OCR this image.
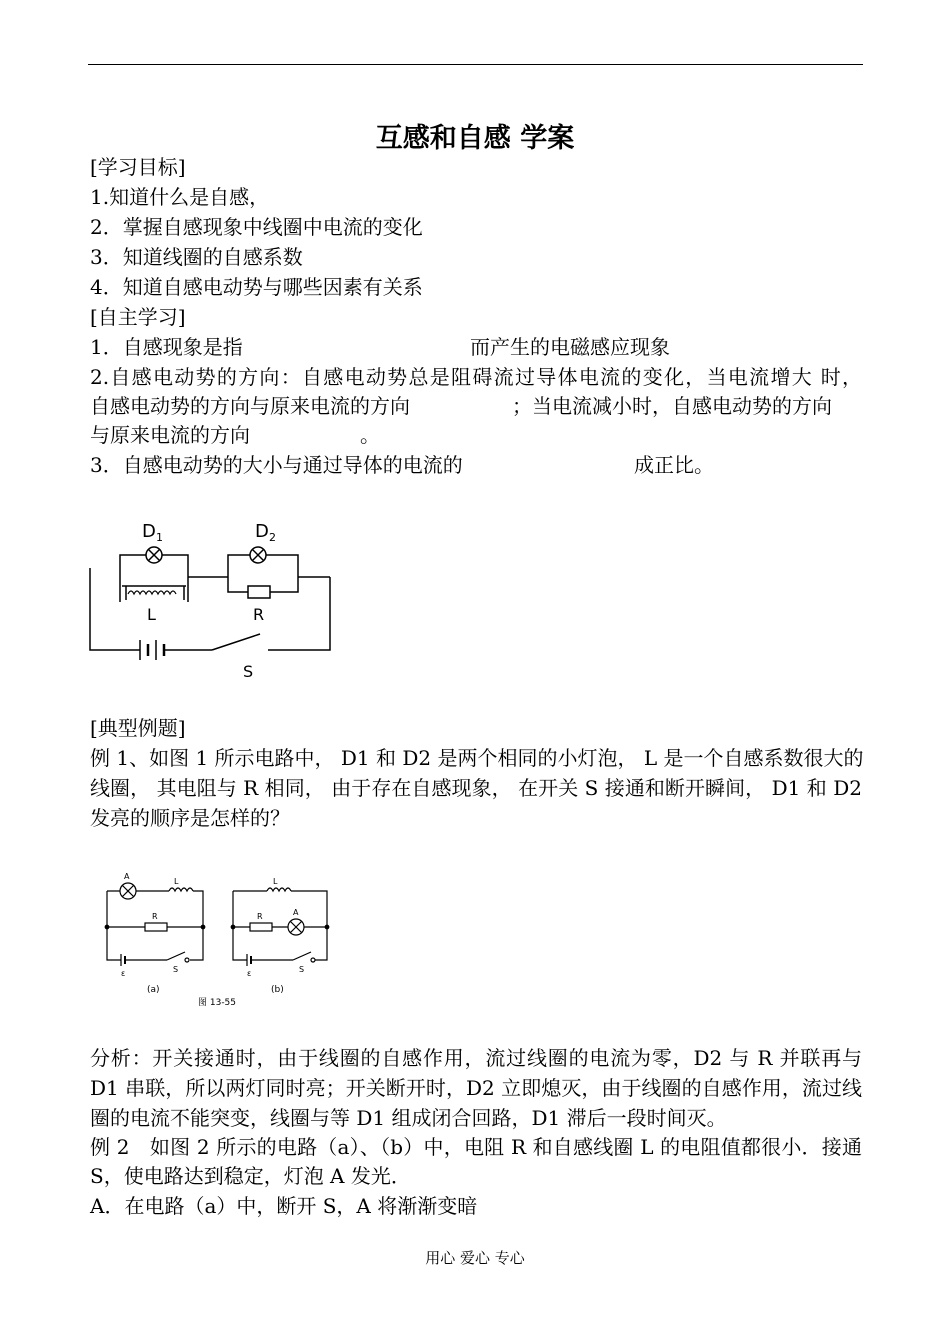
互感和自感 学案
[学习目标]
1.知道什么是自感，
2．掌握自感现象中线圈中电流的变化
3．知道线圈的自感系数
4．知道自感电动势与哪些因素有关系
[自主学习]
1．自感现象是指	而产生的电磁感应现象
2.自感电动势的方向：自感电动势总是阻碍流过导体电流的变化，当电流增大 时，
自感电动势的方向与原来电流的方向	；当电流减小时，自感电动势的方向
与原来电流的方向	。
3．自感电动势的大小与通过导体的电流的	成正比。
D 1
L
D 2
R
S
[典型例题]
例 1、如图 1 所示电路中， D1 和 D2 是两个相同的小灯泡， L 是一个自感系数很大的
线圈， 其电阻与 R 相同， 由于存在自感现象， 在开关 S 接通和断开瞬间， D1 和 D2
发亮的顺序是怎样的？
A
L
R
ε	S
(a)
L
R	A
ε	S
(b)
图 13-55
分析：开关接通时，由于线圈的自感作用，流过线圈的电流为零，D2 与 R 并联再与
D1 串联，所以两灯同时亮；开关断开时，D2 立即熄灭，由于线圈的自感作用，流过线
圈的电流不能突变，线圈与等 D1 组成闭合回路，D1 滞后一段时间灭。
例 2　如图 2 所示的电路（a）、（b）中，电阻 R 和自感线圈 L 的电阻值都很小．接通
S，使电路达到稳定，灯泡 A 发光．
A．在电路（a）中，断开 S，A 将渐渐变暗
用心 爱心 专心
